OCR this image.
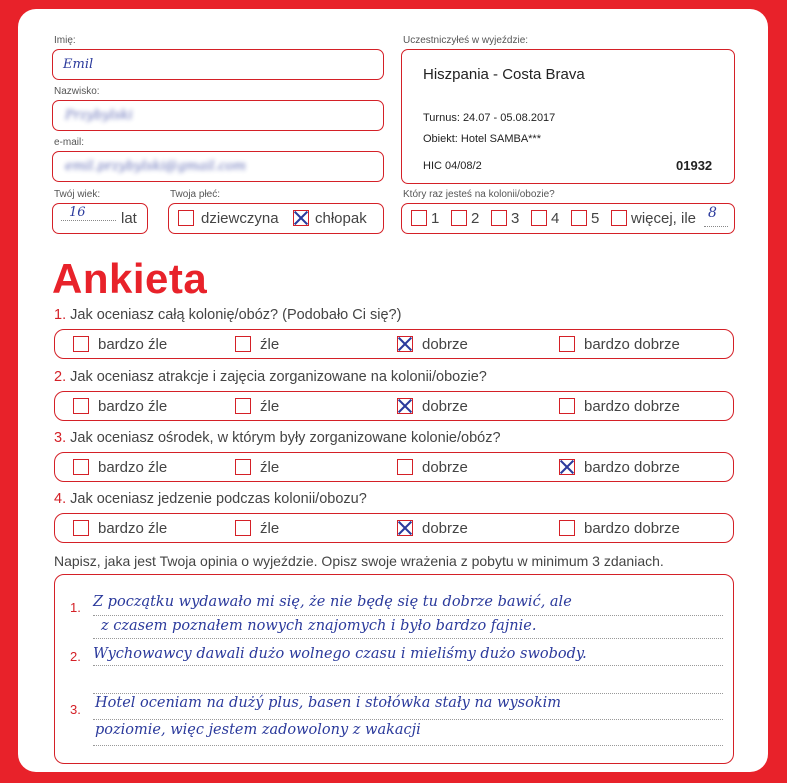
Imię:
Emil
Nazwisko:
Przybylski
e-mail:
emil.przybylski@gmail.com
Twój wiek:
16 lat
Twoja płeć:
dziewczyna chłopak
Uczestniczyłeś w wyjeździe:
Hiszpania - Costa Brava
Turnus: 24.07 - 05.08.2017
Obiekt: Hotel SAMBA***
HIC 04/08/2	01932
Który raz jesteś na kolonii/obozie?
1 2 3 4 5 więcej, ile 8
Ankieta
1. Jak oceniasz całą kolonię/obóz? (Podobało Ci się?)
bardzo źle	źle	dobrze	bardzo dobrze
2. Jak oceniasz atrakcje i zajęcia zorganizowane na kolonii/obozie?
bardzo źle	źle	dobrze	bardzo dobrze
3. Jak oceniasz ośrodek, w którym były zorganizowane kolonie/obóz?
bardzo źle	źle	dobrze	bardzo dobrze
4. Jak oceniasz jedzenie podczas kolonii/obozu?
bardzo źle	źle	dobrze	bardzo dobrze
Napisz, jaka jest Twoja opinia o wyjeździe. Opisz swoje wrażenia z pobytu w minimum 3 zdaniach.
1.
2.
3.
Z początku wydawało mi się, że nie będę się tu dobrze bawić, ale
z czasem poznałem nowych znajomych i było bardzo fajnie.
Wychowawcy dawali dużo wolnego czasu i mieliśmy dużo swobody.
Hotel oceniam na dużý plus, basen i stołówka stały na wysokim
poziomie, więc jestem zadowolony z wakacji
